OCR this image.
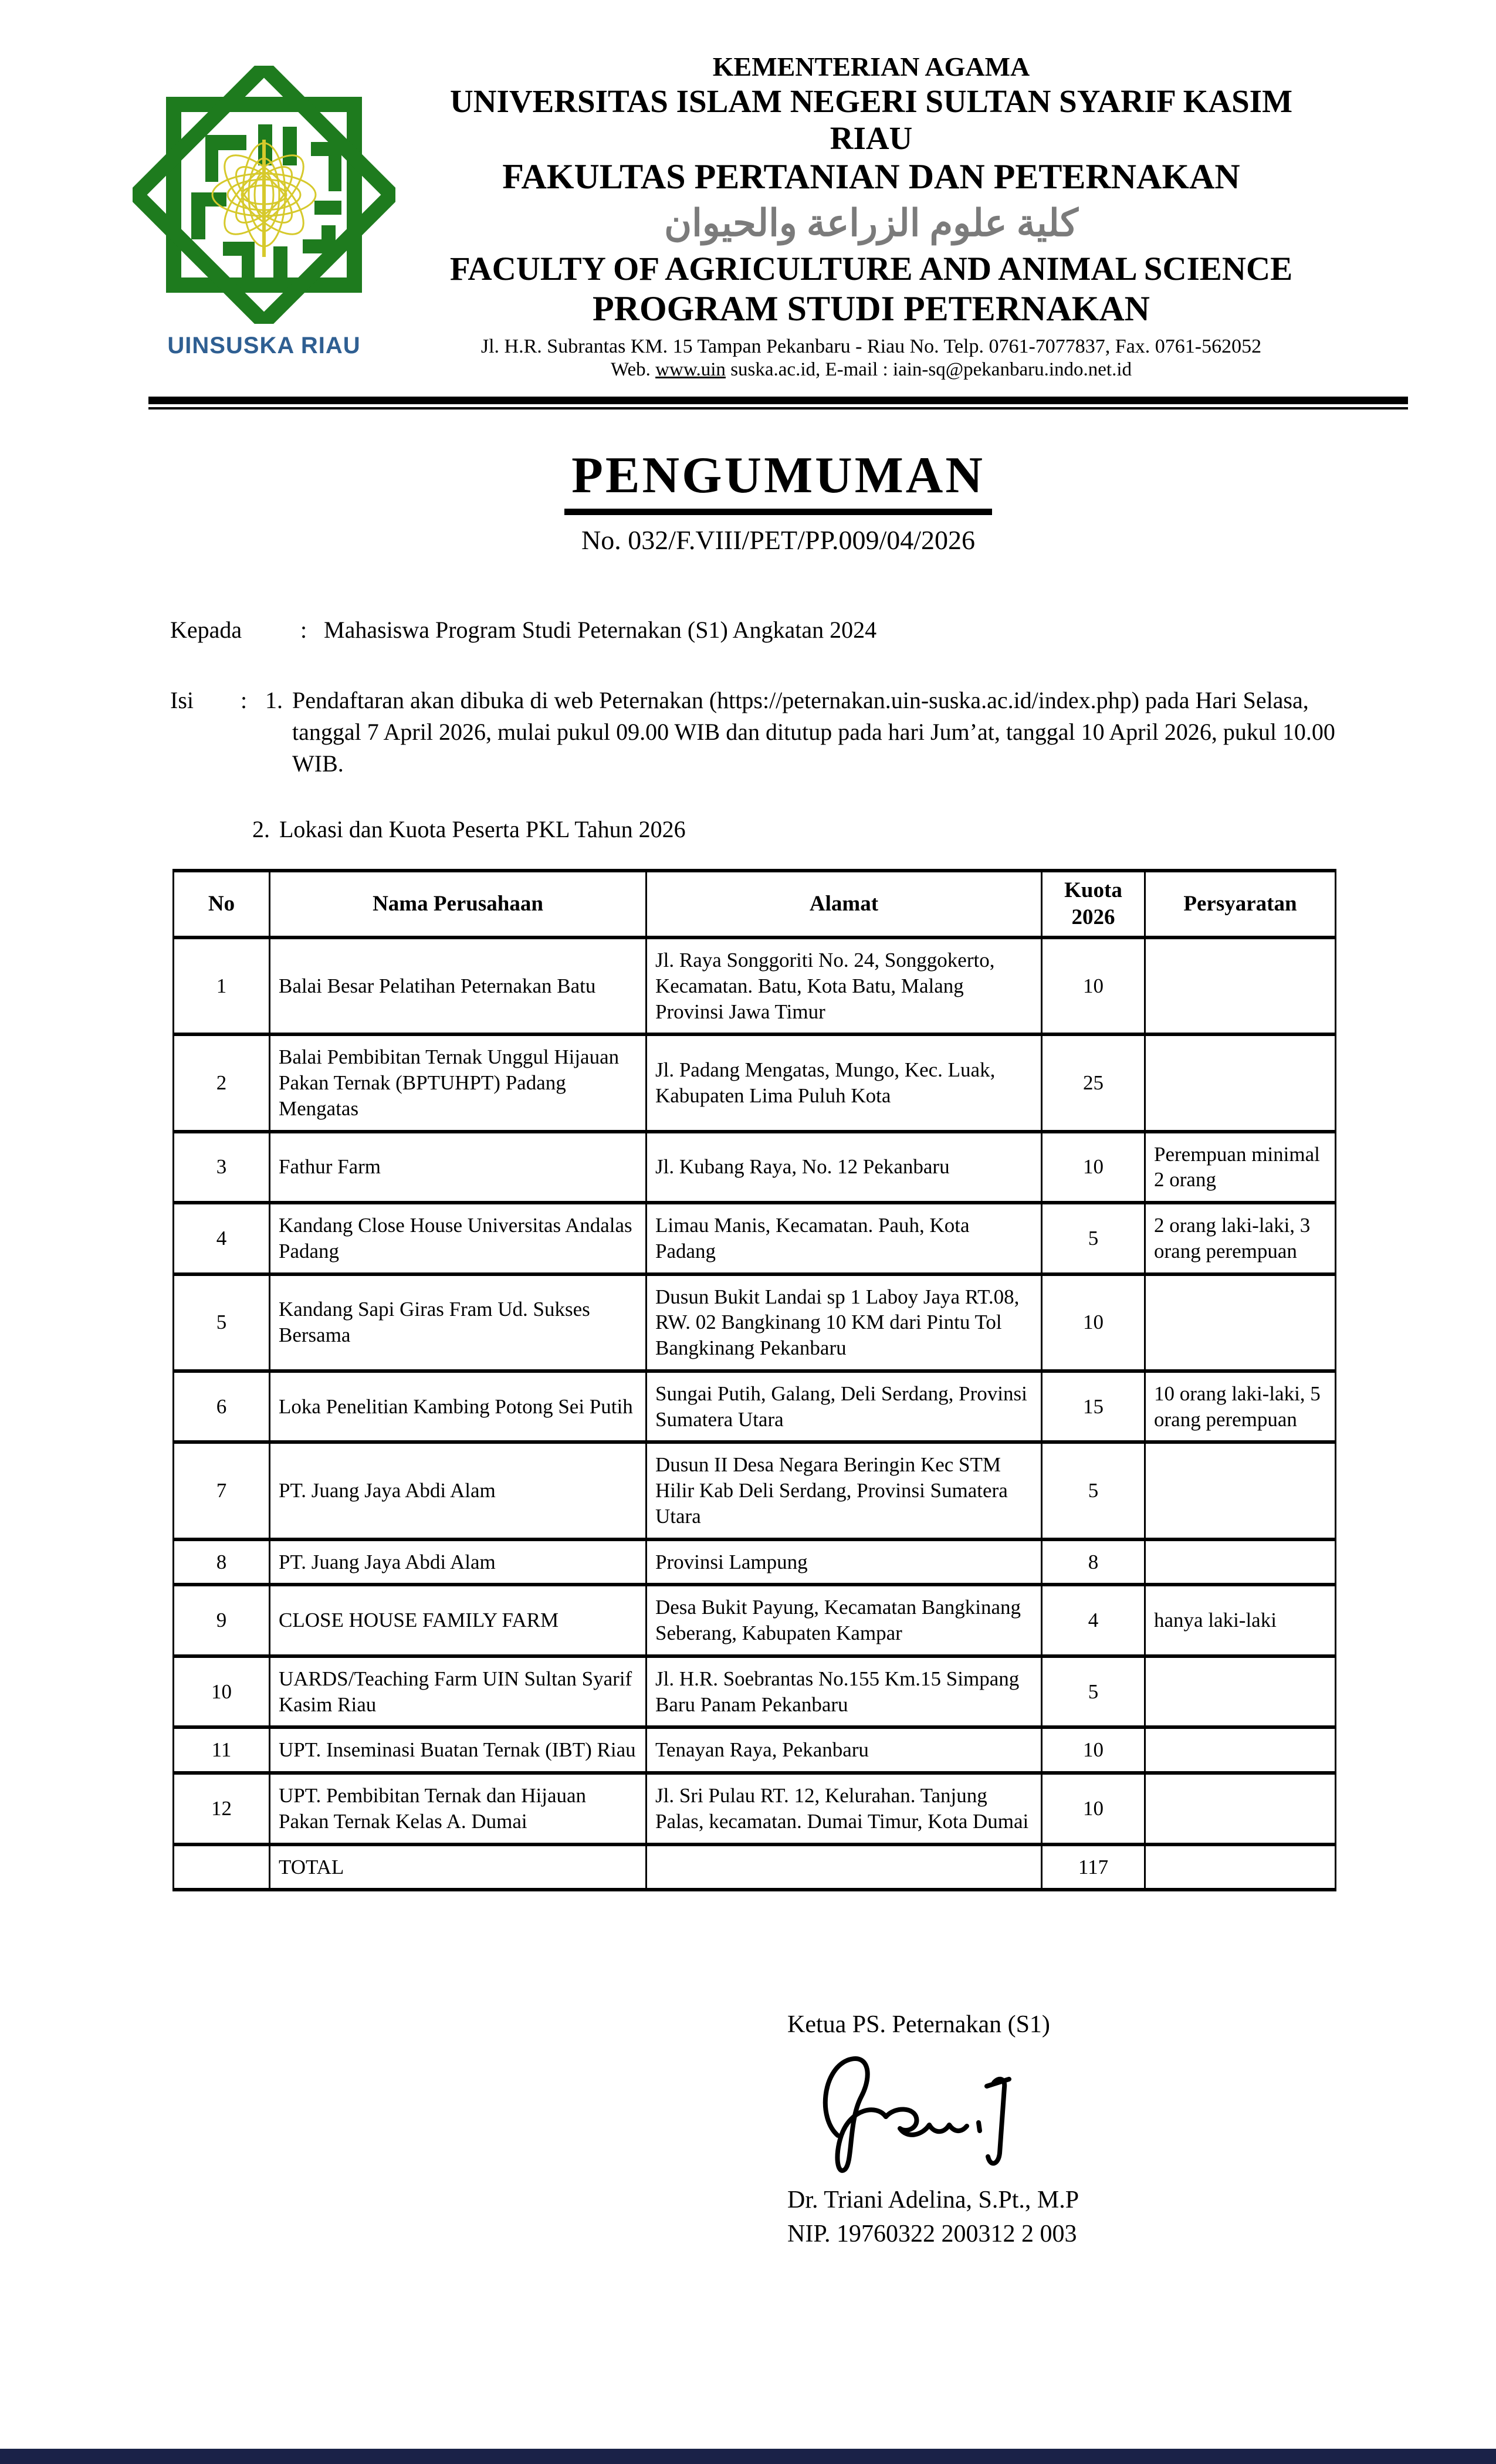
UINSUSKA RIAU
KEMENTERIAN AGAMA
UNIVERSITAS ISLAM NEGERI SULTAN SYARIF KASIM RIAU
FAKULTAS PERTANIAN DAN PETERNAKAN
كلية علوم الزراعة والحيوان
FACULTY OF AGRICULTURE AND ANIMAL SCIENCE
PROGRAM STUDI PETERNAKAN
Jl. H.R. Subrantas KM. 15 Tampan Pekanbaru - Riau No. Telp. 0761-7077837, Fax. 0761-562052
Web. www.uin suska.ac.id, E-mail : iain-sq@pekanbaru.indo.net.id
PENGUMUMAN
No. 032/F.VIII/PET/PP.009/04/2026
Kepada	: Mahasiswa Program Studi Peternakan (S1) Angkatan 2024
Isi	: 1. Pendaftaran akan dibuka di web Peternakan (https://peternakan.uin-suska.ac.id/index.php) pada Hari Selasa, tanggal 7 April 2026, mulai pukul 09.00 WIB dan ditutup pada hari Jum’at, tanggal 10 April 2026, pukul 10.00 WIB.
2. Lokasi dan Kuota Peserta PKL Tahun 2026
No	Nama Perusahaan	Alamat	Kuota 2026	Persyaratan
1	Balai Besar Pelatihan Peternakan Batu	Jl. Raya Songgoriti No. 24, Songgokerto, Kecamatan. Batu, Kota Batu, Malang Provinsi Jawa Timur	10	
2	Balai Pembibitan Ternak Unggul Hijauan Pakan Ternak (BPTUHPT) Padang Mengatas	Jl. Padang Mengatas, Mungo, Kec. Luak, Kabupaten Lima Puluh Kota	25	
3	Fathur Farm	Jl. Kubang Raya, No. 12 Pekanbaru	10	Perempuan minimal 2 orang
4	Kandang Close House Universitas Andalas Padang	Limau Manis, Kecamatan. Pauh, Kota Padang	5	2 orang laki-laki, 3 orang perempuan
5	Kandang Sapi Giras Fram Ud. Sukses Bersama	Dusun Bukit Landai sp 1 Laboy Jaya RT.08, RW. 02 Bangkinang 10 KM dari Pintu Tol Bangkinang Pekanbaru	10	
6	Loka Penelitian Kambing Potong Sei Putih	Sungai Putih, Galang, Deli Serdang, Provinsi Sumatera Utara	15	10 orang laki-laki, 5 orang perempuan
7	PT. Juang Jaya Abdi Alam	Dusun II Desa Negara Beringin Kec STM Hilir Kab Deli Serdang, Provinsi Sumatera Utara	5	
8	PT. Juang Jaya Abdi Alam	Provinsi Lampung	8	
9	CLOSE HOUSE FAMILY FARM	Desa Bukit Payung, Kecamatan Bangkinang Seberang, Kabupaten Kampar	4	hanya laki-laki
10	UARDS/Teaching Farm UIN Sultan Syarif Kasim Riau	Jl. H.R. Soebrantas No.155 Km.15 Simpang Baru Panam Pekanbaru	5	
11	UPT. Inseminasi Buatan Ternak (IBT) Riau	Tenayan Raya, Pekanbaru	10	
12	UPT. Pembibitan Ternak dan Hijauan Pakan Ternak Kelas A. Dumai	Jl. Sri Pulau RT. 12, Kelurahan. Tanjung Palas, kecamatan. Dumai Timur, Kota Dumai	10	
	TOTAL		117	
Ketua PS. Peternakan (S1)
Dr. Triani Adelina, S.Pt., M.P
NIP. 19760322 200312 2 003
